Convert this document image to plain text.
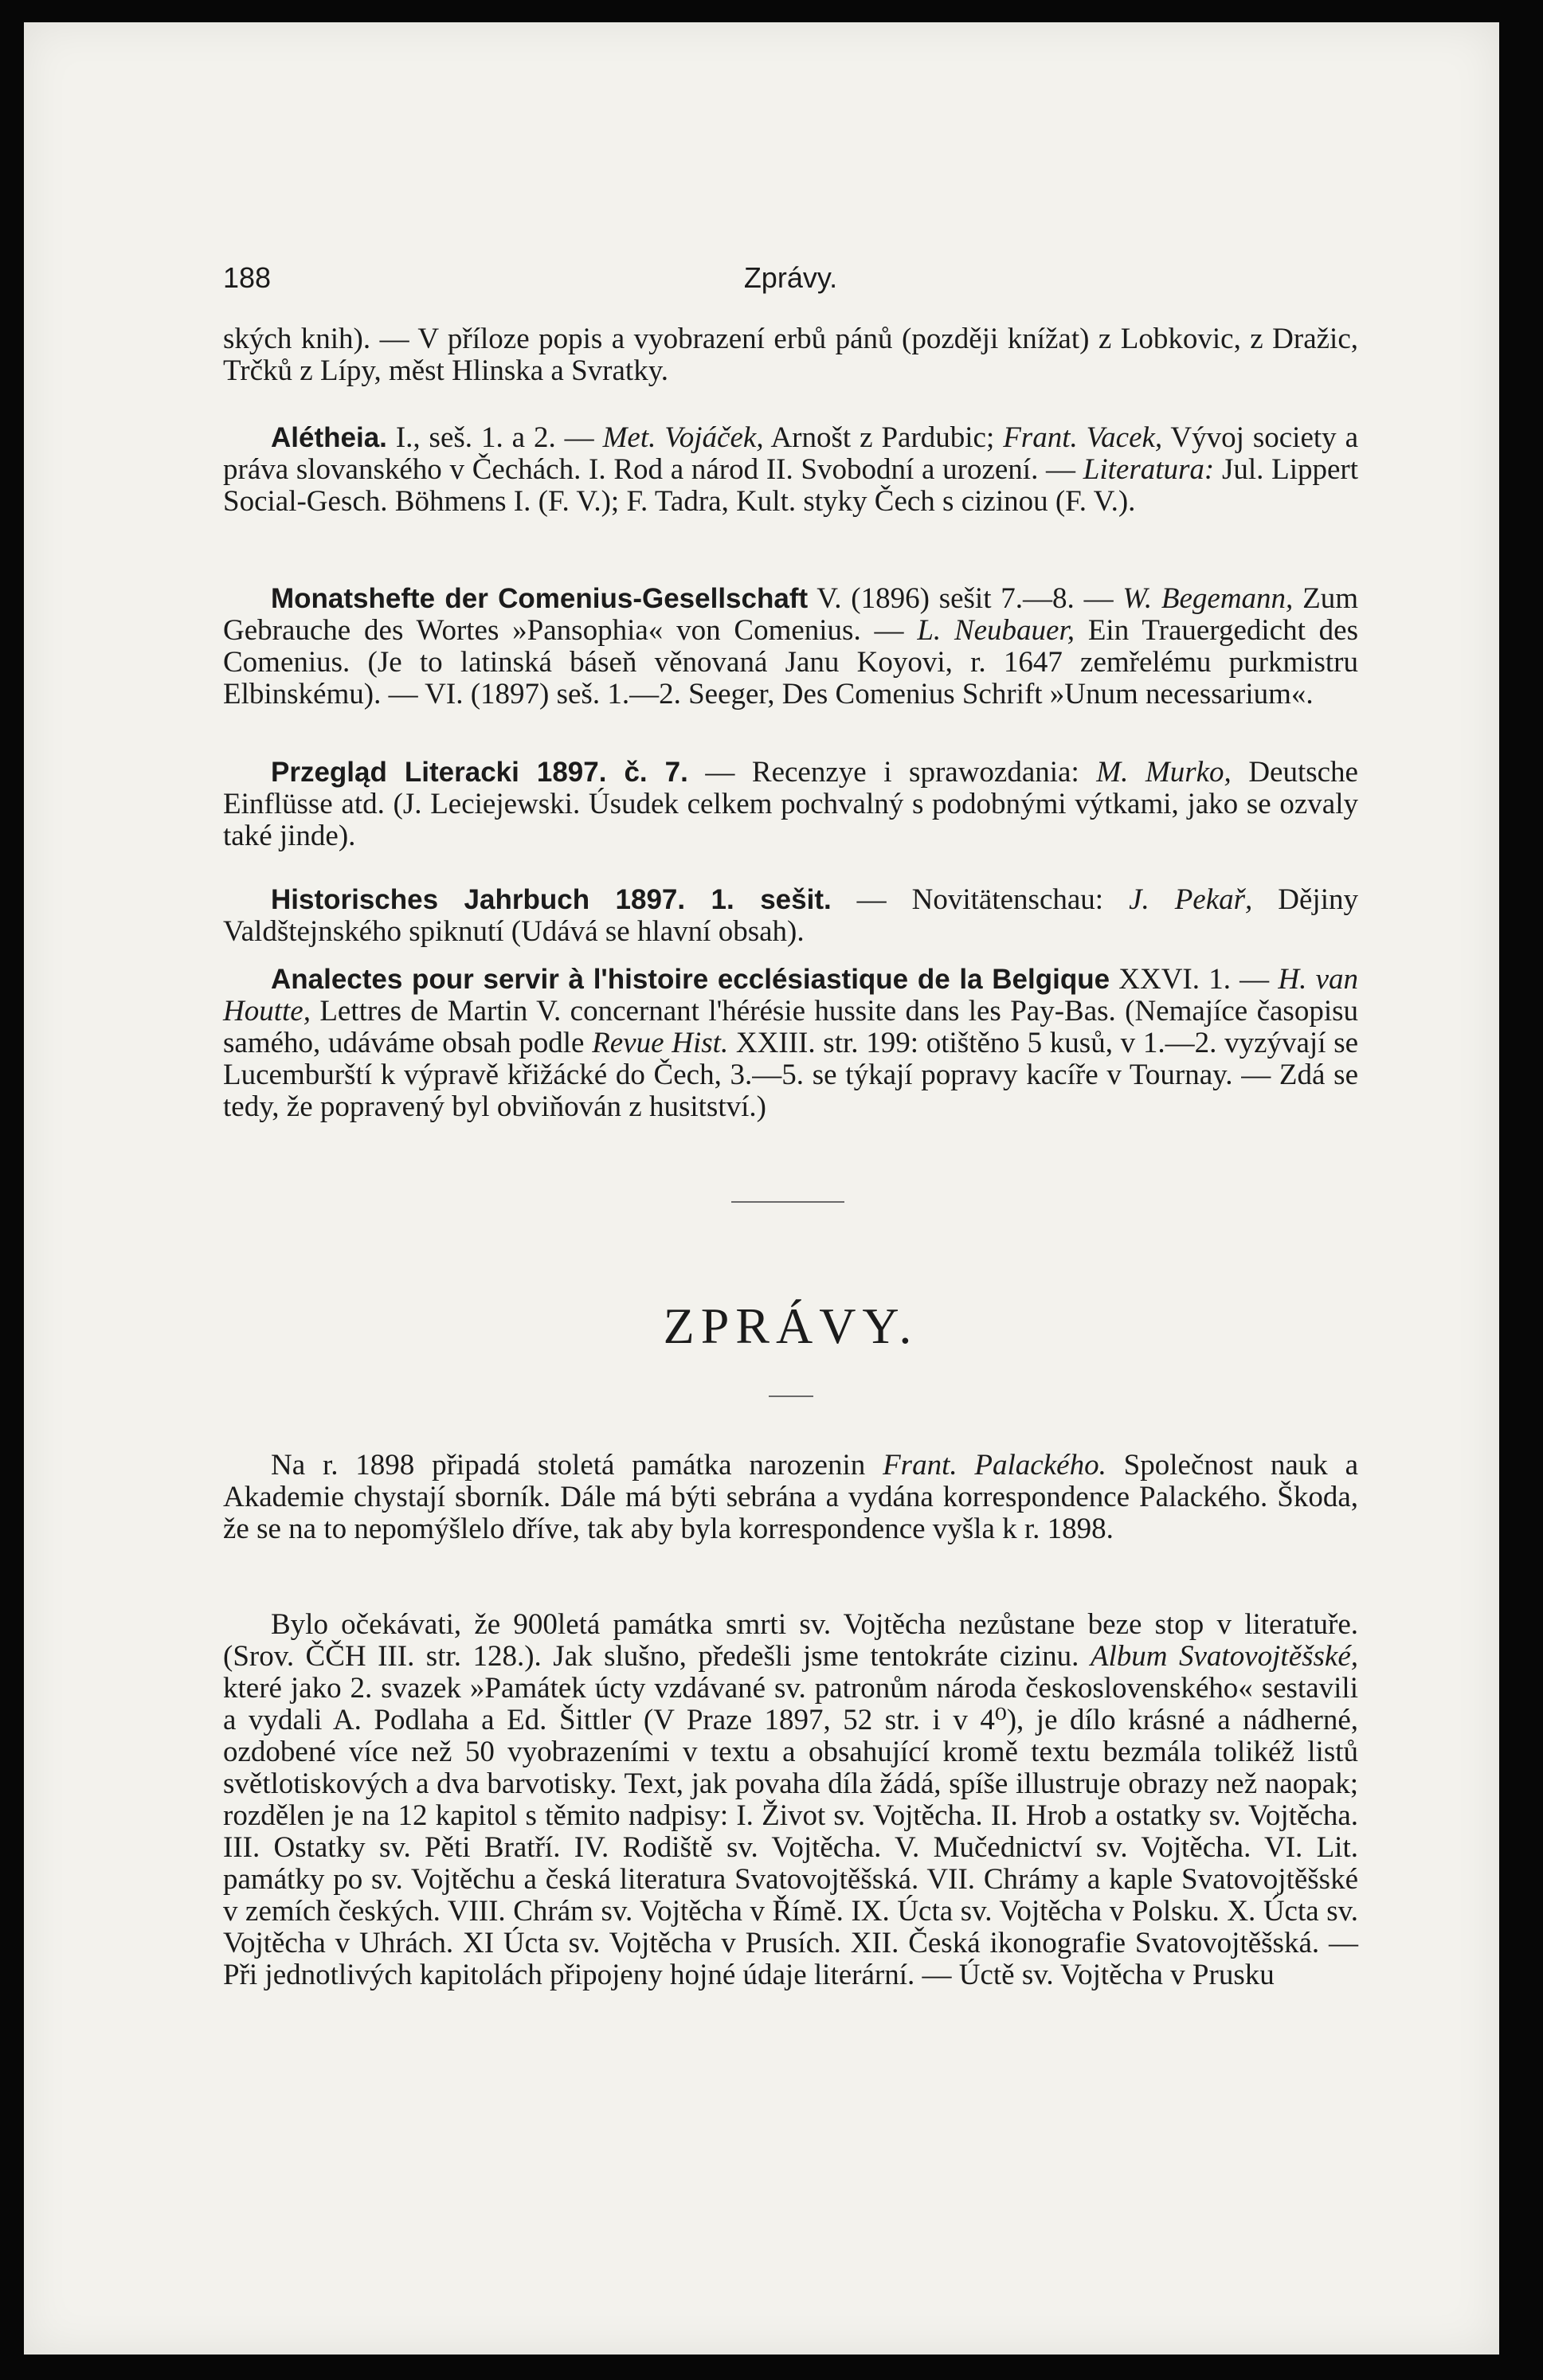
188	Zprávy.

ských knih). — V příloze popis a vyobrazení erbů pánů (později knížat) z Lobkovic, z Dražic, Trčků z Lípy, měst Hlinska a Svratky.

Alétheia. I., seš. 1. a 2. — Met. Vojáček, Arnošt z Pardubic; Frant. Vacek, Vývoj society a práva slovanského v Čechách. I. Rod a národ II. Svobodní a urození. — Literatura: Jul. Lippert Social-Gesch. Böhmens I. (F. V.); F. Tadra, Kult. styky Čech s cizinou (F. V.).

Monatshefte der Comenius-Gesellschaft V. (1896) sešit 7.—8. — W. Begemann, Zum Gebrauche des Wortes »Pansophia« von Comenius. — L. Neubauer, Ein Trauergedicht des Comenius. (Je to latinská báseň věnovaná Janu Koyovi, r. 1647 zemřelému purkmistru Elbinskému). — VI. (1897) seš. 1.—2. Seeger, Des Comenius Schrift »Unum necessarium«.

Przegląd Literacki 1897. č. 7. — Recenzye i sprawozdania: M. Murko, Deutsche Einflüsse atd. (J. Leciejewski. Úsudek celkem pochvalný s podobnými výtkami, jako se ozvaly také jinde).

Historisches Jahrbuch 1897. 1. sešit. — Novitätenschau: J. Pekař, Dějiny Valdštejnského spiknutí (Udává se hlavní obsah).

Analectes pour servir à l'histoire ecclésiastique de la Belgique XXVI. 1. — H. van Houtte, Lettres de Martin V. concernant l'hérésie hussite dans les Pay-Bas. (Nemajíce časopisu samého, udáváme obsah podle Revue Hist. XXIII. str. 199: otištěno 5 kusů, v 1.—2. vyzývají se Lucemburští k výpravě křižácké do Čech, 3.—5. se týkají popravy kacíře v Tournay. — Zdá se tedy, že popravený byl obviňován z husitství.)

ZPRÁVY.

Na r. 1898 připadá stoletá památka narozenin Frant. Palackého. Společnost nauk a Akademie chystají sborník. Dále má býti sebrána a vydána korrespondence Palackého. Škoda, že se na to nepomýšlelo dříve, tak aby byla korrespondence vyšla k r. 1898.

Bylo očekávati, že 900letá památka smrti sv. Vojtěcha nezůstane beze stop v literatuře. (Srov. ČČH III. str. 128.). Jak slušno, předešli jsme tentokráte cizinu. Album Svatovojtěšské, které jako 2. svazek »Památek úcty vzdávané sv. patronům národa československého« sestavili a vydali A. Podlaha a Ed. Šittler (V Praze 1897, 52 str. i v 4⁰), je dílo krásné a nádherné, ozdobené více než 50 vyobrazeními v textu a obsahující kromě textu bezmála tolikéž listů světlotiskových a dva barvotisky. Text, jak povaha díla žádá, spíše illustruje obrazy než naopak; rozdělen je na 12 kapitol s těmito nadpisy: I. Život sv. Vojtěcha. II. Hrob a ostatky sv. Vojtěcha. III. Ostatky sv. Pěti Bratří. IV. Rodiště sv. Vojtěcha. V. Mučednictví sv. Vojtěcha. VI. Lit. památky po sv. Vojtěchu a česká literatura Svatovojtěšská. VII. Chrámy a kaple Svatovojtěšské v zemích českých. VIII. Chrám sv. Vojtěcha v Římě. IX. Úcta sv. Vojtěcha v Polsku. X. Úcta sv. Vojtěcha v Uhrách. XI Úcta sv. Vojtěcha v Prusích. XII. Česká ikonografie Svatovojtěšská. — Při jednotlivých kapitolách připojeny hojné údaje literární. — Úctě sv. Vojtěcha v Prusku
